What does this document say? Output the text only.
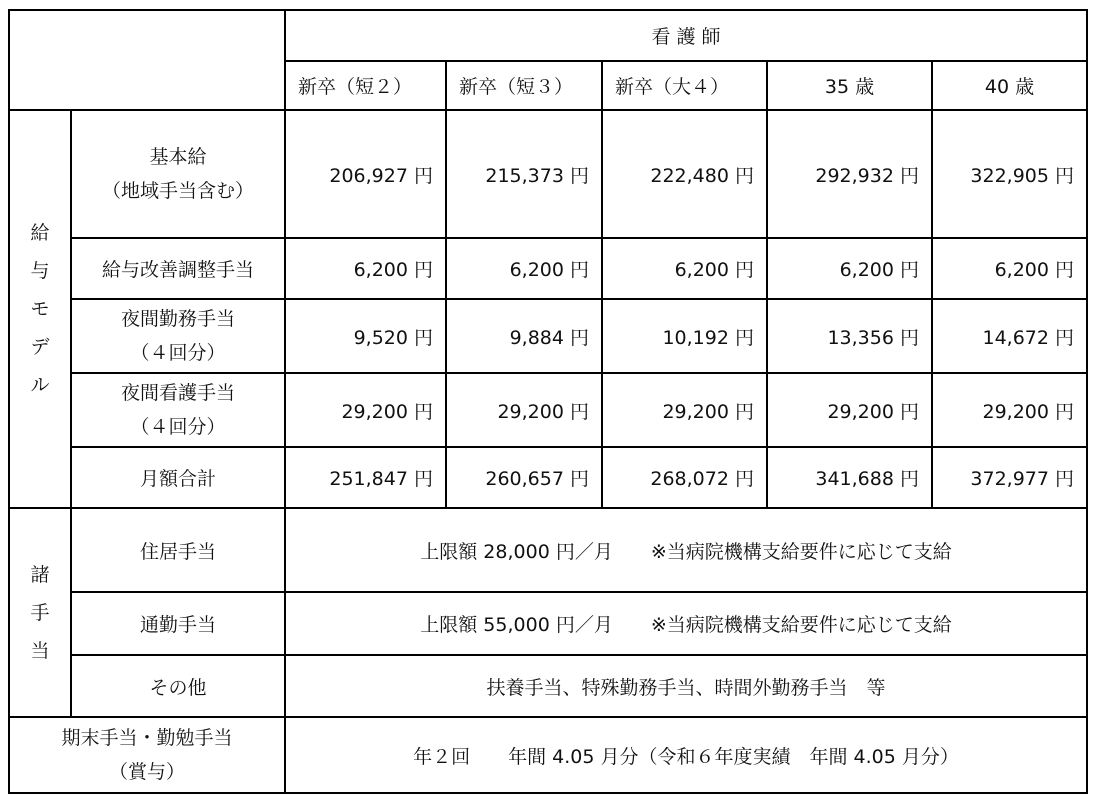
		看 護 師				
		新卒（短２）	新卒（短３）	新卒（大４）	35 歳	40 歳

給
与
モ
デ
ル	基本給
（地域手当含む）	206,927 円	215,373 円	222,480 円	292,932 円	322,905 円
	給与改善調整手当	6,200 円	6,200 円	6,200 円	6,200 円	6,200 円

	夜間勤務手当
（４回分）	9,520 円	9,884 円	10,192 円	13,356 円	14,672 円

	夜間看護手当
（４回分）	29,200 円	29,200 円	29,200 円	29,200 円	29,200 円
	月額合計	251,847 円	260,657 円	268,072 円	341,688 円	372,977 円

諸
手
当	住居手当	上限額 28,000 円／月　　※当病院機構支給要件に応じて支給				
	通勤手当	上限額 55,000 円／月　　※当病院機構支給要件に応じて支給				
	その他	扶養手当、特殊勤務手当、時間外勤務手当　等				

期末手当・勤勉手当
（賞与）		年２回　　年間 4.05 月分（令和６年度実績　年間 4.05 月分）				
